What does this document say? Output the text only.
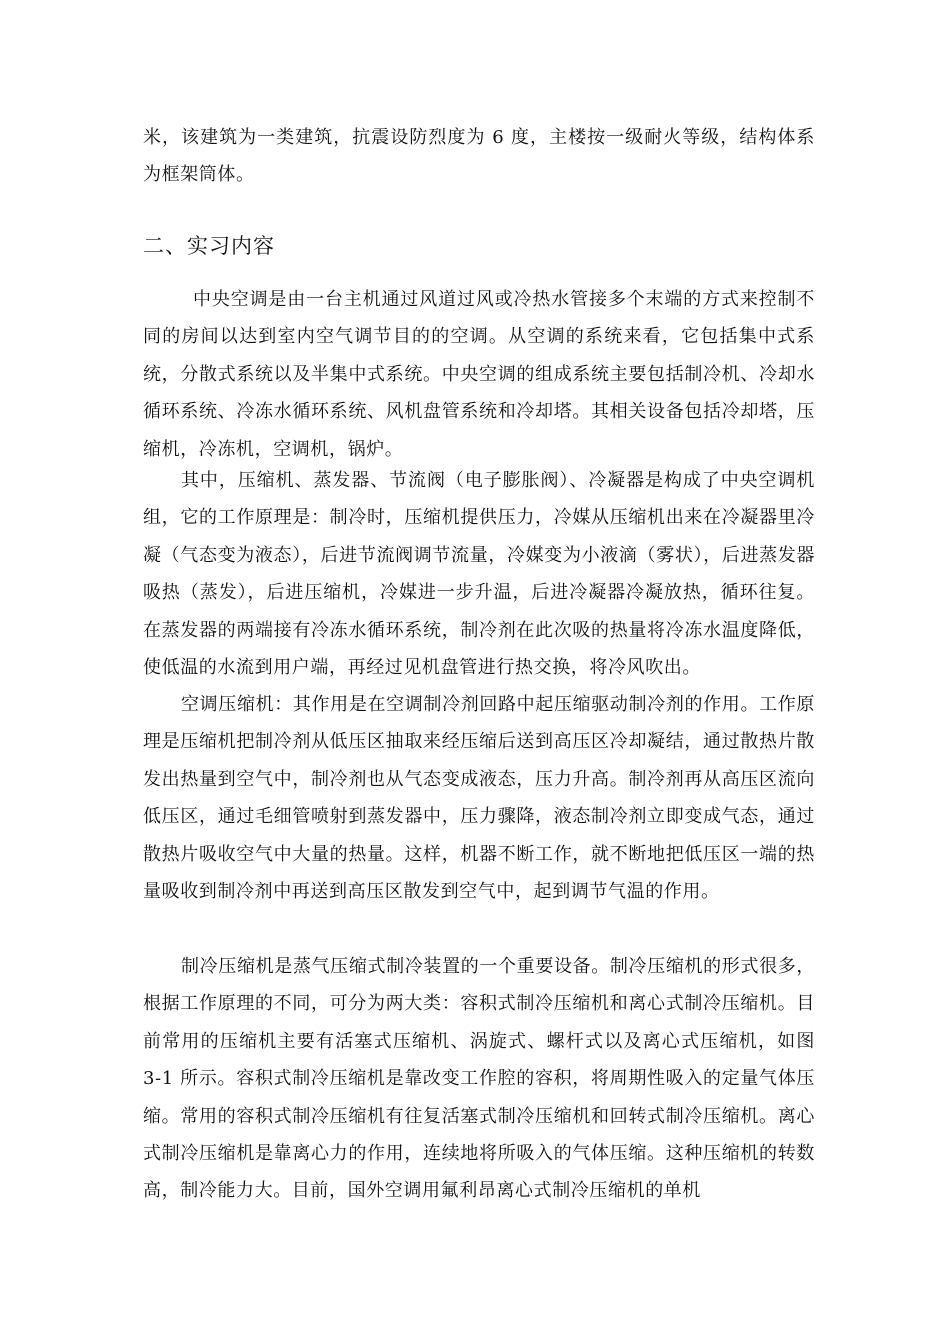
米，该建筑为一类建筑，抗震设防烈度为 6 度，主楼按一级耐火等级，结构体系为框架筒体。

二、实习内容

中央空调是由一台主机通过风道过风或冷热水管接多个末端的方式来控制不同的房间以达到室内空气调节目的的空调。从空调的系统来看，它包括集中式系统，分散式系统以及半集中式系统。中央空调的组成系统主要包括制冷机、冷却水循环系统、冷冻水循环系统、风机盘管系统和冷却塔。其相关设备包括冷却塔，压缩机，冷冻机，空调机，锅炉。

其中，压缩机、蒸发器、节流阀（电子膨胀阀）、冷凝器是构成了中央空调机组，它的工作原理是：制冷时，压缩机提供压力，冷媒从压缩机出来在冷凝器里冷凝（气态变为液态），后进节流阀调节流量，冷媒变为小液滴（雾状），后进蒸发器吸热（蒸发），后进压缩机，冷媒进一步升温，后进冷凝器冷凝放热，循环往复。在蒸发器的两端接有冷冻水循环系统，制冷剂在此次吸的热量将冷冻水温度降低，使低温的水流到用户端，再经过见机盘管进行热交换，将冷风吹出。

空调压缩机：其作用是在空调制冷剂回路中起压缩驱动制冷剂的作用。工作原理是压缩机把制冷剂从低压区抽取来经压缩后送到高压区冷却凝结，通过散热片散发出热量到空气中，制冷剂也从气态变成液态，压力升高。制冷剂再从高压区流向低压区，通过毛细管喷射到蒸发器中，压力骤降，液态制冷剂立即变成气态，通过散热片吸收空气中大量的热量。这样，机器不断工作，就不断地把低压区一端的热量吸收到制冷剂中再送到高压区散发到空气中，起到调节气温的作用。

制冷压缩机是蒸气压缩式制冷装置的一个重要设备。制冷压缩机的形式很多，根据工作原理的不同，可分为两大类：容积式制冷压缩机和离心式制冷压缩机。目前常用的压缩机主要有活塞式压缩机、涡旋式、螺杆式以及离心式压缩机，如图 3-1 所示。容积式制冷压缩机是靠改变工作腔的容积，将周期性吸入的定量气体压缩。常用的容积式制冷压缩机有往复活塞式制冷压缩机和回转式制冷压缩机。离心式制冷压缩机是靠离心力的作用，连续地将所吸入的气体压缩。这种压缩机的转数高，制冷能力大。目前，国外空调用氟利昂离心式制冷压缩机的单机
